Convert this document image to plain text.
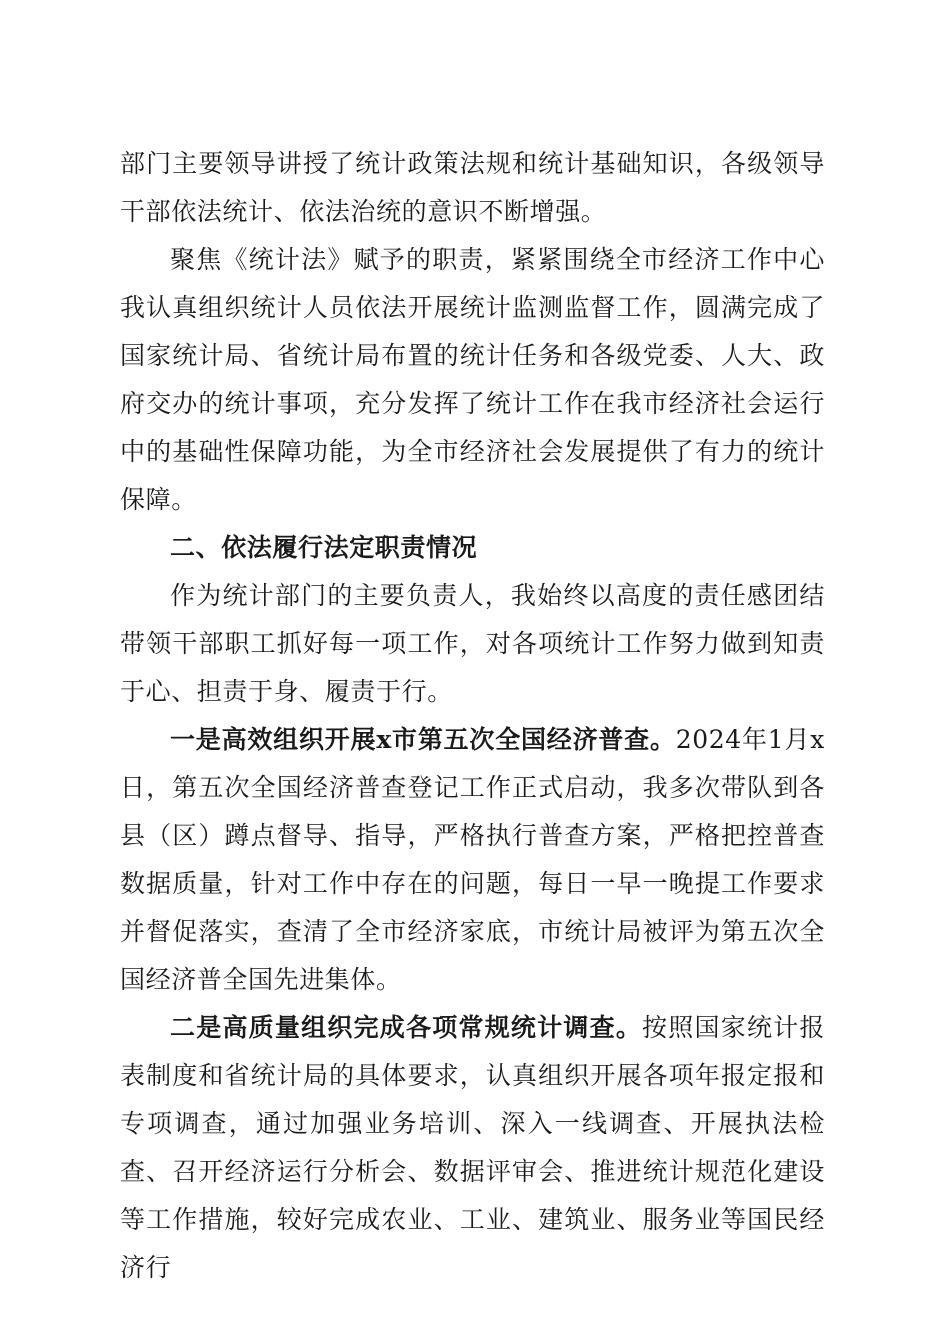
部门主要领导讲授了统计政策法规和统计基础知识，各级领导干部依法统计、依法治统的意识不断增强。

聚焦《统计法》赋予的职责，紧紧围绕全市经济工作中心我认真组织统计人员依法开展统计监测监督工作，圆满完成了国家统计局、省统计局布置的统计任务和各级党委、人大、政府交办的统计事项，充分发挥了统计工作在我市经济社会运行中的基础性保障功能，为全市经济社会发展提供了有力的统计保障。

二、依法履行法定职责情况

作为统计部门的主要负责人，我始终以高度的责任感团结带领干部职工抓好每一项工作，对各项统计工作努力做到知责于心、担责于身、履责于行。

一是高效组织开展x市第五次全国经济普查。2024年1月x日，第五次全国经济普查登记工作正式启动，我多次带队到各县（区）蹲点督导、指导，严格执行普查方案，严格把控普查数据质量，针对工作中存在的问题，每日一早一晚提工作要求并督促落实，查清了全市经济家底，市统计局被评为第五次全国经济普全国先进集体。

二是高质量组织完成各项常规统计调查。按照国家统计报表制度和省统计局的具体要求，认真组织开展各项年报定报和专项调查，通过加强业务培训、深入一线调查、开展执法检查、召开经济运行分析会、数据评审会、推进统计规范化建设等工作措施，较好完成农业、工业、建筑业、服务业等国民经济行
